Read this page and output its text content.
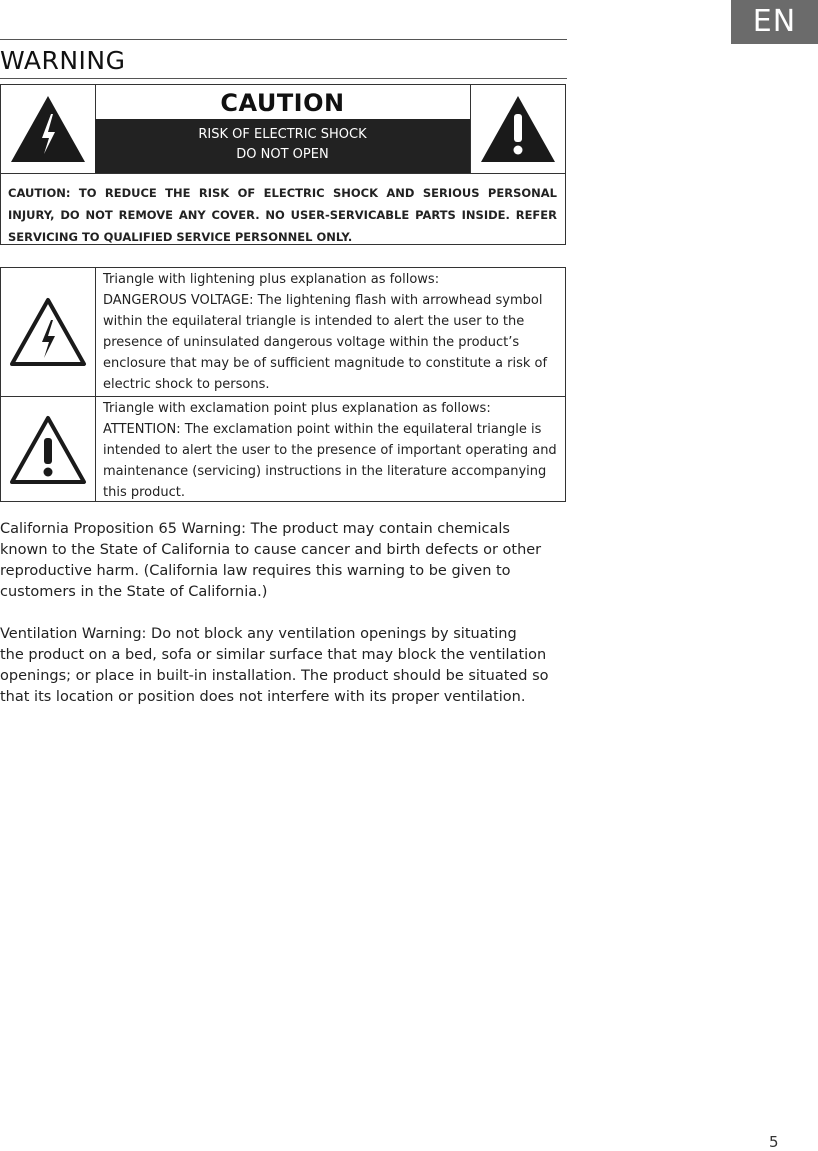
EN
WARNING
CAUTION
RISK OF ELECTRIC SHOCK
DO NOT OPEN
CAUTION: TO REDUCE THE RISK OF ELECTRIC SHOCK AND SERIOUS PERSONAL INJURY, DO NOT REMOVE ANY COVER. NO USER-SERVICABLE PARTS INSIDE. REFER SERVICING TO QUALIFIED SERVICE PERSONNEL ONLY.
Triangle with lightening plus explanation as follows:
DANGEROUS VOLTAGE: The lightening flash with arrowhead symbol
within the equilateral triangle is intended to alert the user to the
presence of uninsulated dangerous voltage within the product’s
enclosure that may be of sufficient magnitude to constitute a risk of
electric shock to persons.
Triangle with exclamation point plus explanation as follows:
ATTENTION: The exclamation point within the equilateral triangle is
intended to alert the user to the presence of important operating and
maintenance (servicing) instructions in the literature accompanying
this product.
California Proposition 65 Warning: The product may contain chemicals
known to the State of California to cause cancer and birth defects or other
reproductive harm. (California law requires this warning to be given to
customers in the State of California.)
Ventilation Warning: Do not block any ventilation openings by situating
the product on a bed, sofa or similar surface that may block the ventilation
openings; or place in built-in installation. The product should be situated so
that its location or position does not interfere with its proper ventilation.
5
